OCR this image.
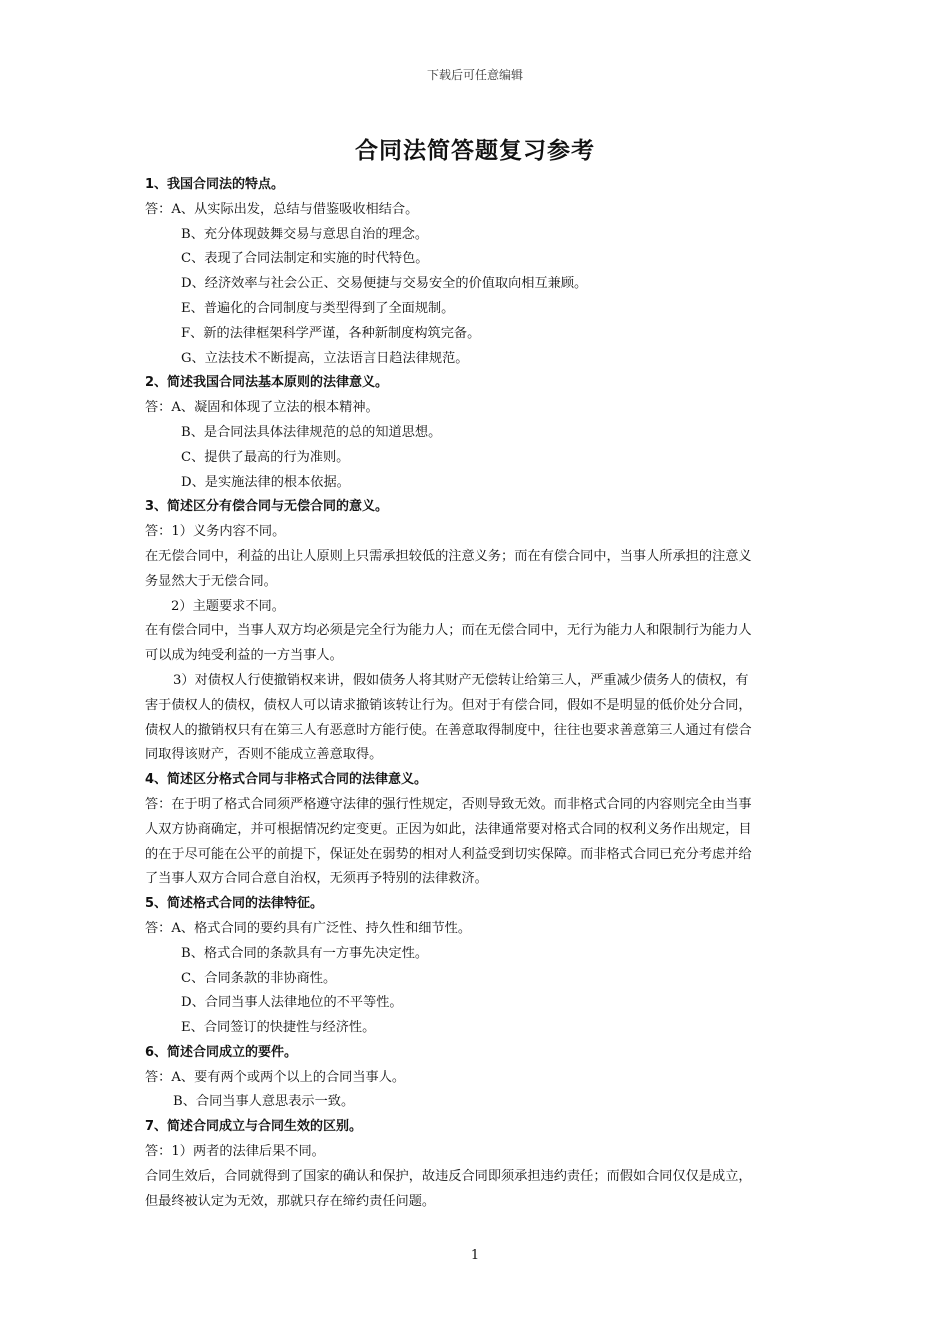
下载后可任意编辑
合同法简答题复习参考

1、我国合同法的特点。

答：A、从实际出发，总结与借鉴吸收相结合。

B、充分体现鼓舞交易与意思自治的理念。

C、表现了合同法制定和实施的时代特色。

D、经济效率与社会公正、交易便捷与交易安全的价值取向相互兼顾。

E、普遍化的合同制度与类型得到了全面规制。

F、新的法律框架科学严谨，各种新制度构筑完备。

G、立法技术不断提高，立法语言日趋法律规范。

2、简述我国合同法基本原则的法律意义。

答：A、凝固和体现了立法的根本精神。

B、是合同法具体法律规范的总的知道思想。

C、提供了最高的行为准则。

D、是实施法律的根本依据。

3、简述区分有偿合同与无偿合同的意义。

答：1）义务内容不同。

在无偿合同中，利益的出让人原则上只需承担较低的注意义务；而在有偿合同中，当事人所承担的注意义

务显然大于无偿合同。

2）主题要求不同。

在有偿合同中，当事人双方均必须是完全行为能力人；而在无偿合同中，无行为能力人和限制行为能力人

可以成为纯受利益的一方当事人。

3）对债权人行使撤销权来讲，假如债务人将其财产无偿转让给第三人，严重减少债务人的债权，有

害于债权人的债权，债权人可以请求撤销该转让行为。但对于有偿合同，假如不是明显的低价处分合同，

债权人的撤销权只有在第三人有恶意时方能行使。在善意取得制度中，往往也要求善意第三人通过有偿合

同取得该财产，否则不能成立善意取得。

4、简述区分格式合同与非格式合同的法律意义。

答：在于明了格式合同须严格遵守法律的强行性规定，否则导致无效。而非格式合同的内容则完全由当事

人双方协商确定，并可根据情况约定变更。正因为如此，法律通常要对格式合同的权利义务作出规定，目

的在于尽可能在公平的前提下，保证处在弱势的相对人利益受到切实保障。而非格式合同已充分考虑并给

了当事人双方合同合意自治权，无须再予特别的法律救济。

5、简述格式合同的法律特征。

答：A、格式合同的要约具有广泛性、持久性和细节性。

B、格式合同的条款具有一方事先决定性。

C、合同条款的非协商性。

D、合同当事人法律地位的不平等性。

E、合同签订的快捷性与经济性。

6、简述合同成立的要件。

答：A、要有两个或两个以上的合同当事人。

B、合同当事人意思表示一致。

7、简述合同成立与合同生效的区别。

答：1）两者的法律后果不同。

合同生效后，合同就得到了国家的确认和保护，故违反合同即须承担违约责任；而假如合同仅仅是成立，

但最终被认定为无效，那就只存在缔约责任问题。

1
